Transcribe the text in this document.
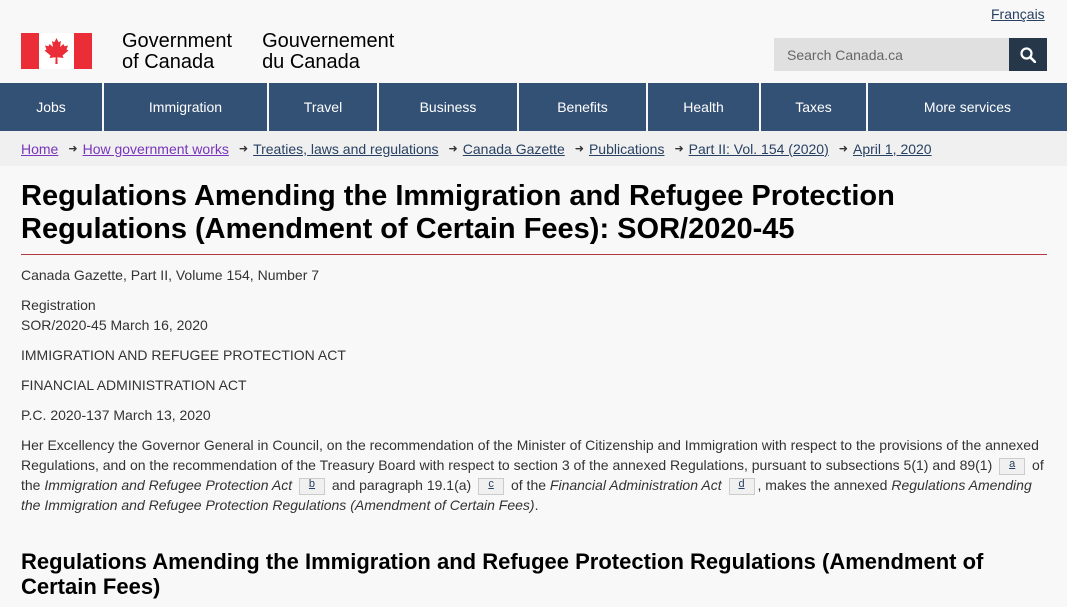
Français
Government
of Canada
Gouvernement
du Canada	Search Canada.ca
Jobs	Immigration	Travel	Business	Benefits	Health	Taxes	More services
Home ➜ How government works ➜ Treaties, laws and regulations ➜ Canada Gazette ➜ Publications ➜ Part II: Vol. 154 (2020) ➜ April 1, 2020
Regulations Amending the Immigration and Refugee Protection Regulations (Amendment of Certain Fees): SOR/2020-45

Canada Gazette, Part II, Volume 154, Number 7

Registration
SOR/2020-45 March 16, 2020

IMMIGRATION AND REFUGEE PROTECTION ACT

FINANCIAL ADMINISTRATION ACT

P.C. 2020-137 March 13, 2020

Her Excellency the Governor General in Council, on the recommendation of the Minister of Citizenship and Immigration with respect to the provisions of the annexed Regulations, and on the recommendation of the Treasury Board with respect to section 3 of the annexed Regulations, pursuant to subsections 5(1) and 89(1) a of the Immigration and Refugee Protection Act b and paragraph 19.1(a) c of the Financial Administration Act d , makes the annexed Regulations Amending the Immigration and Refugee Protection Regulations (Amendment of Certain Fees).

Regulations Amending the Immigration and Refugee Protection Regulations (Amendment of Certain Fees)
